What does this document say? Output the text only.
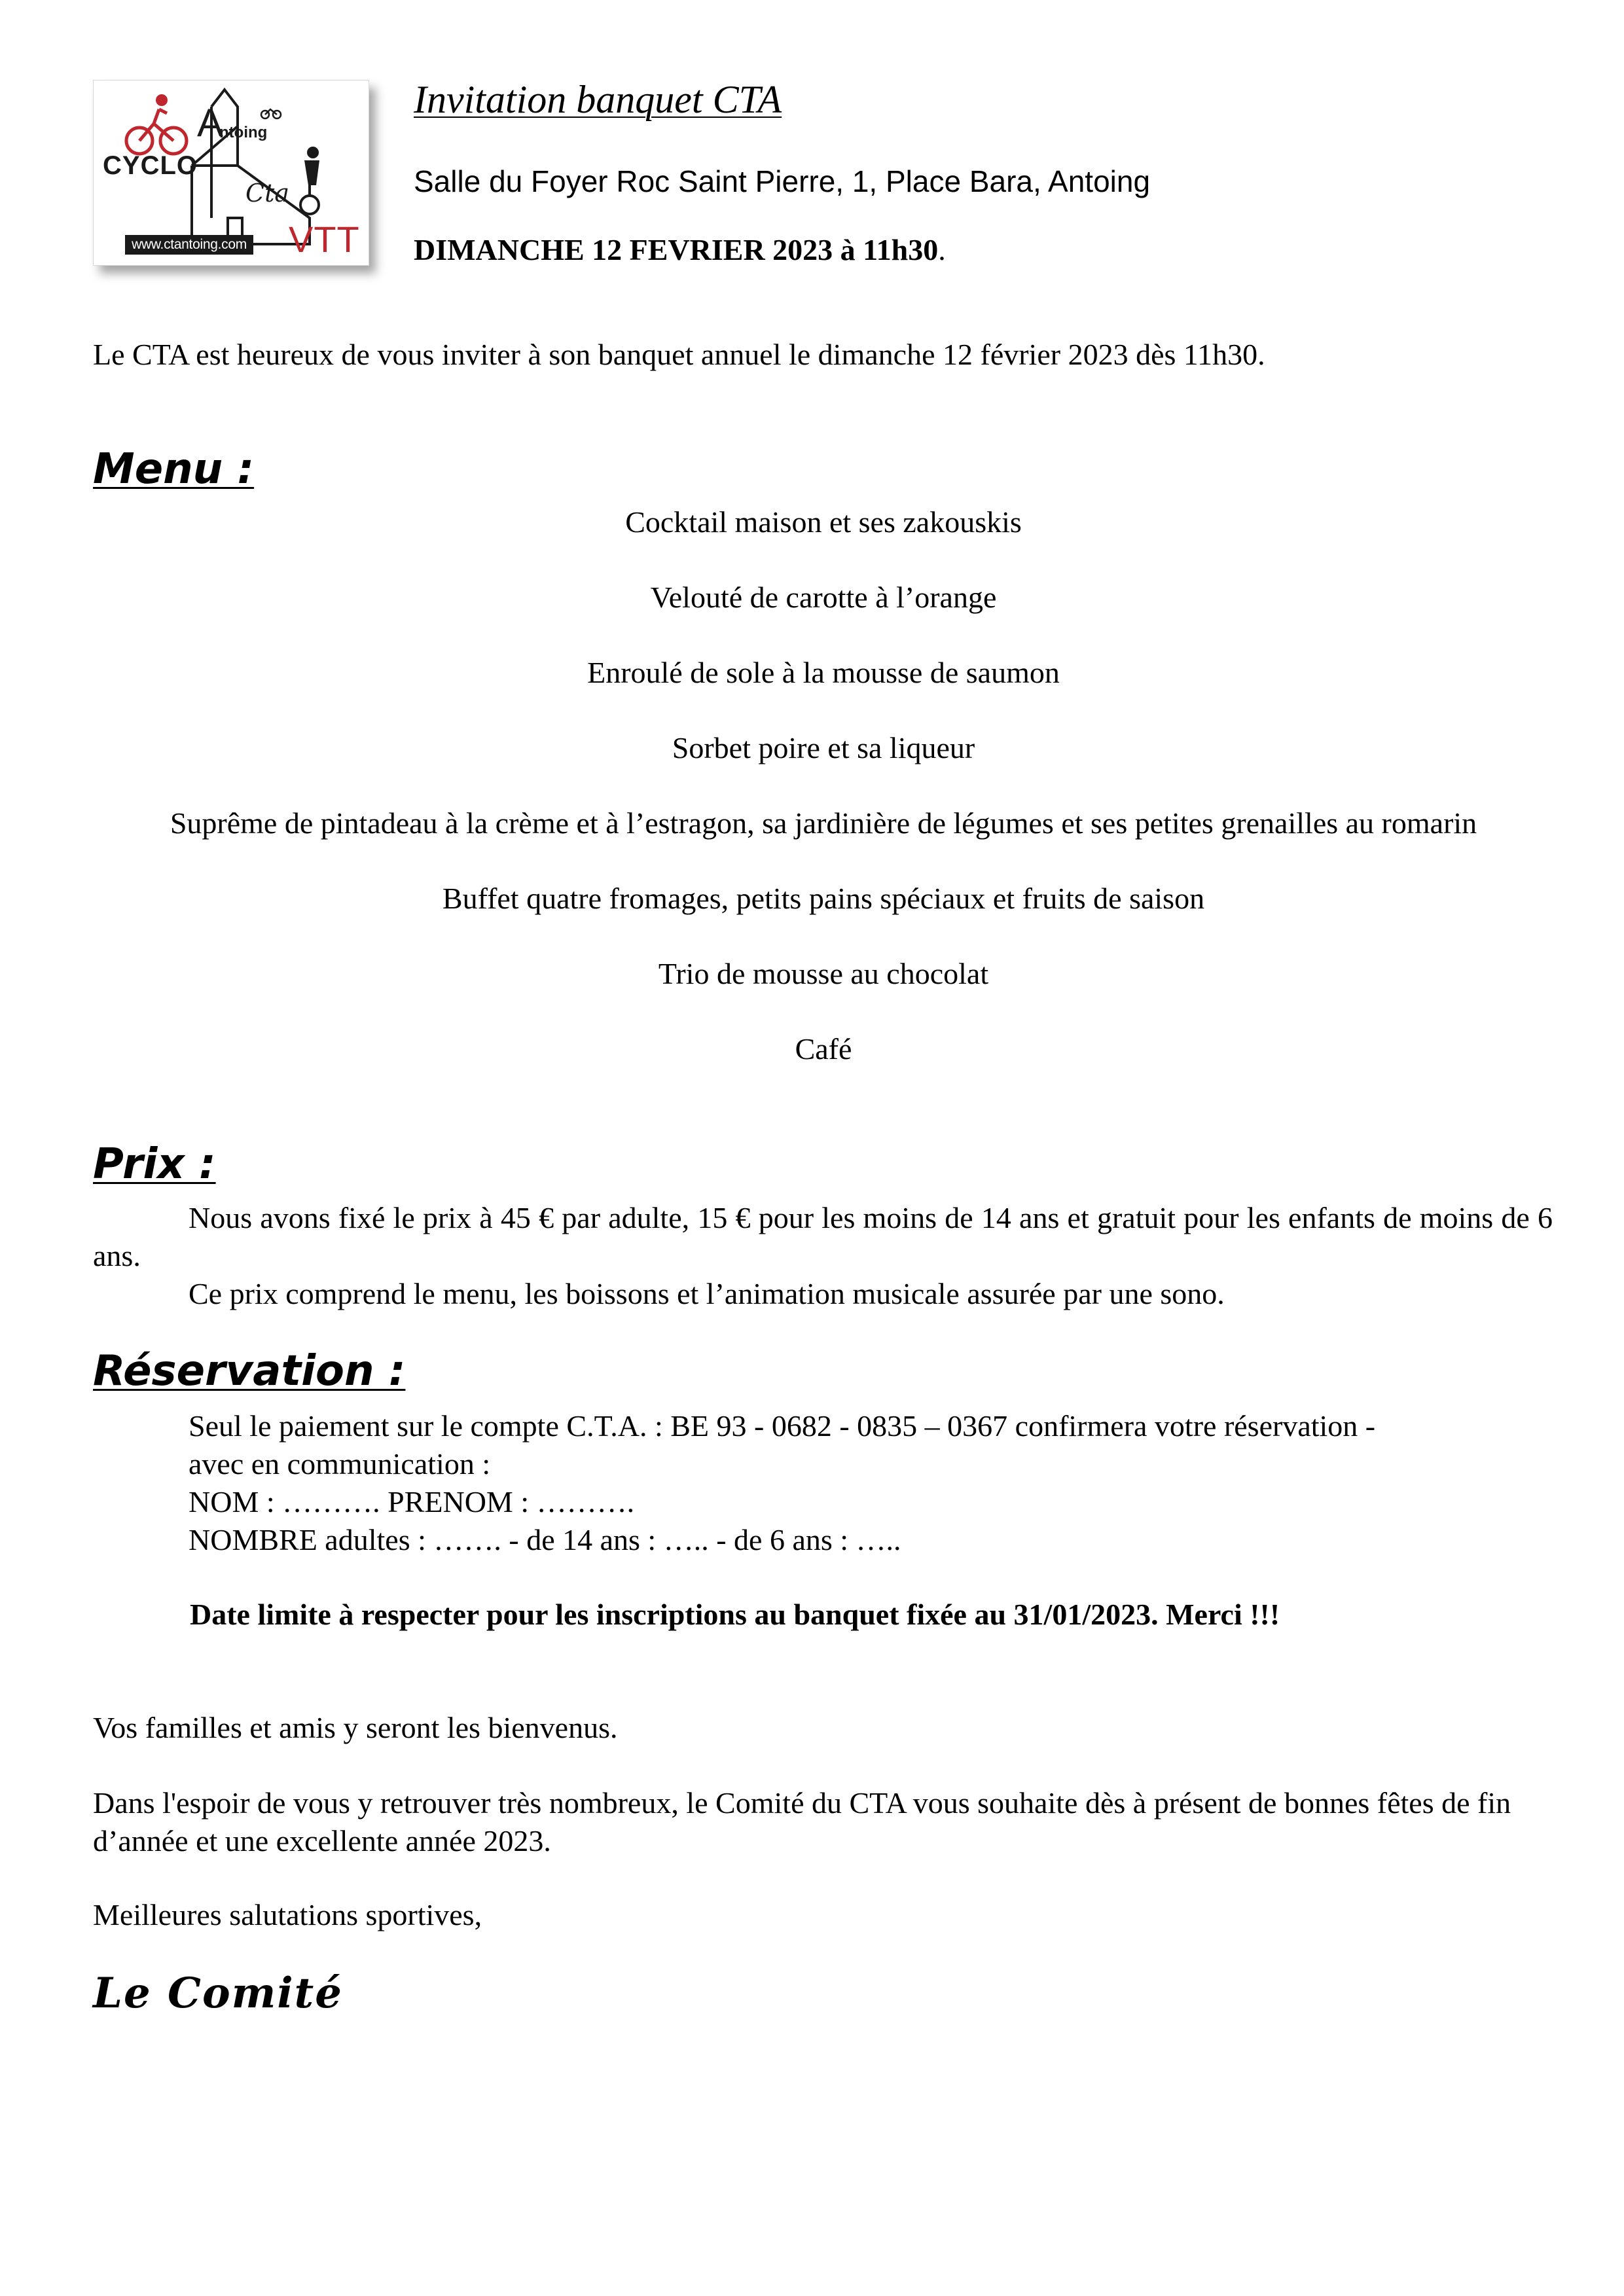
CYCLO
A
ntoing
Cta
VTT
www.ctantoing.com
Invitation banquet CTA
Salle du Foyer Roc Saint Pierre, 1, Place Bara, Antoing
DIMANCHE 12 FEVRIER 2023 à 11h30.
Le CTA est heureux de vous inviter à son banquet annuel le dimanche 12 février 2023 dès 11h30.
Menu :
Cocktail maison et ses zakouskis
Velouté de carotte à l’orange
Enroulé de sole à la mousse de saumon
Sorbet poire et sa liqueur
Suprême de pintadeau à la crème et à l’estragon, sa jardinière de légumes et ses petites grenailles au romarin
Buffet quatre fromages, petits pains spéciaux et fruits de saison
Trio de mousse au chocolat
Café
Prix :

Nous avons fixé le prix à 45 € par adulte, 15 € pour les moins de 14 ans et gratuit pour les enfants de moins de 6 ans.

Ce prix comprend le menu, les boissons et l’animation musicale assurée par une sono.

Réservation :

Seul le paiement sur le compte C.T.A. : BE 93 - 0682 - 0835 – 0367 confirmera votre réservation -

avec en communication :

NOM : ………. PRENOM : ……….

NOMBRE adultes : ……. - de 14 ans : ….. - de 6 ans : …..

Date limite à respecter pour les inscriptions au banquet fixée au 31/01/2023. Merci !!!
Vos familles et amis y seront les bienvenus.
Dans l'espoir de vous y retrouver très nombreux, le Comité du CTA vous souhaite dès à présent de bonnes fêtes de fin d’année et une excellente année 2023.
Meilleures salutations sportives,
Le Comité
